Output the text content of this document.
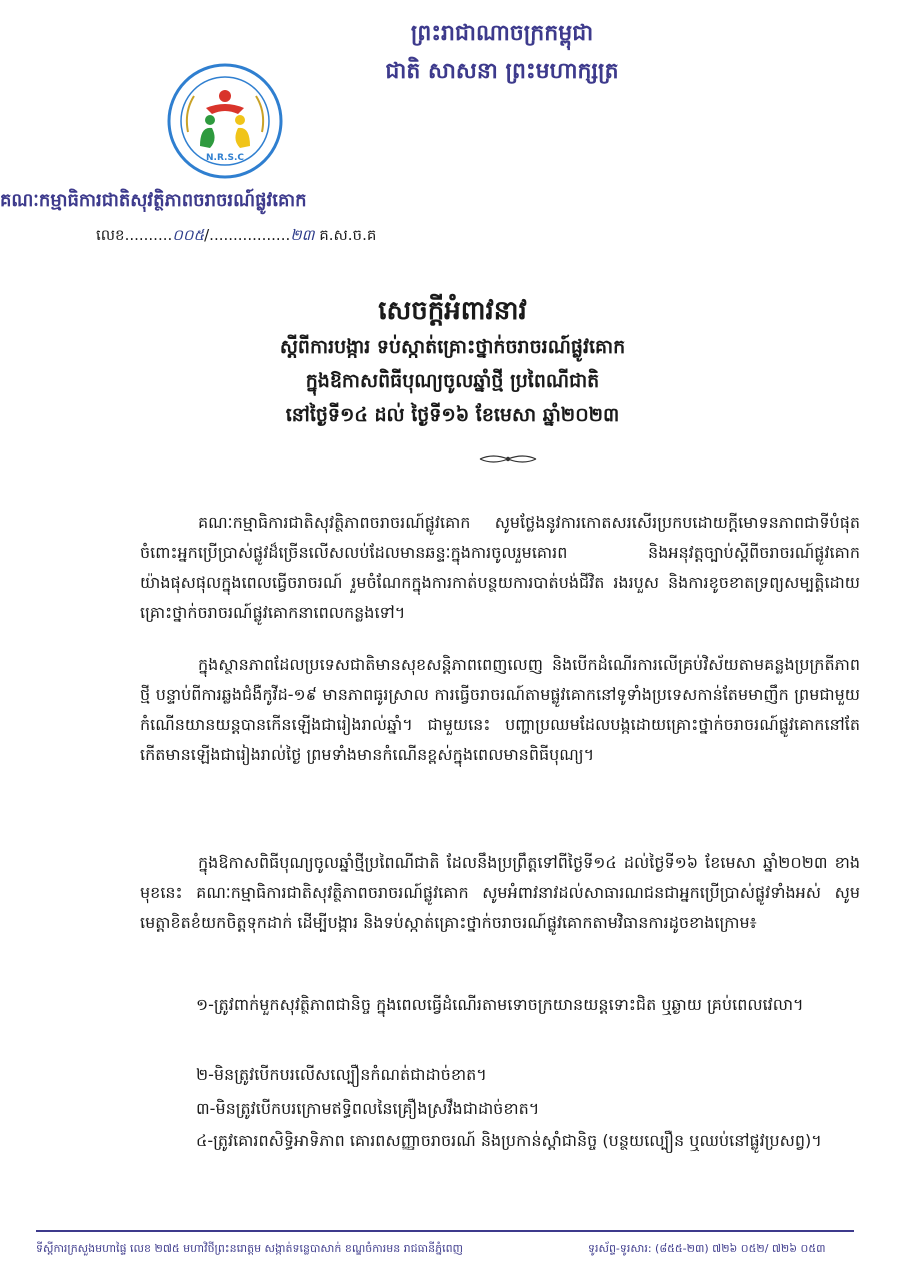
ព្រះរាជាណាចក្រកម្ពុជា
ជាតិ សាសនា ព្រះមហាក្សត្រ
N.R.S.C
គណៈកម្មាធិការជាតិសុវត្ថិភាពចរាចរណ៍ផ្លូវគោក
លេខ..........០០៥/.................២៣ គ.ស.ច.គ
សេចក្ដីអំពាវនាវ
ស្ដីពីការបង្ការ ទប់ស្កាត់គ្រោះថ្នាក់ចរាចរណ៍ផ្លូវគោក
ក្នុងឱកាសពិធីបុណ្យចូលឆ្នាំថ្មី ប្រពៃណីជាតិ
នៅថ្ងៃទី១៤ ដល់ ថ្ងៃទី១៦ ខែមេសា ឆ្នាំ២០២៣

គណៈកម្មាធិការជាតិសុវត្ថិភាពចរាចរណ៍ផ្លូវគោក សូមថ្លែងនូវការកោតសរសើរប្រកបដោយក្ដីមោទនភាពជាទីបំផុត ចំពោះអ្នកប្រើប្រាស់ផ្លូវដ៏ច្រើនលើសលប់ដែលមានឆន្ទៈក្នុងការចូលរួមគោរព និងអនុវត្តច្បាប់ស្ដីពីចរាចរណ៍ផ្លូវគោកយ៉ាងផុសផុលក្នុងពេលធ្វើចរាចរណ៍ រួមចំណែកក្នុងការកាត់បន្ថយការបាត់បង់ជីវិត រងរបួស និងការខូចខាតទ្រព្យសម្បត្តិដោយគ្រោះថ្នាក់ចរាចរណ៍ផ្លូវគោកនាពេលកន្លងទៅ។

ក្នុងស្ថានភាពដែលប្រទេសជាតិមានសុខសន្តិភាពពេញលេញ និងបើកដំណើរការលើគ្រប់វិស័យតាមគន្លងប្រក្រតីភាពថ្មី បន្ទាប់ពីការឆ្លងជំងឺកូវីដ-១៩ មានភាពធូរស្រាល ការធ្វើចរាចរណ៍តាមផ្លូវគោកនៅទូទាំងប្រទេសកាន់តែមមាញឹក ព្រមជាមួយកំណើនយានយន្តបានកើនឡើងជារៀងរាល់ឆ្នាំ។ ជាមួយនេះ បញ្ហាប្រឈមដែលបង្កដោយគ្រោះថ្នាក់ចរាចរណ៍ផ្លូវគោកនៅតែកើតមានឡើងជារៀងរាល់ថ្ងៃ ព្រមទាំងមានកំណើនខ្ពស់ក្នុងពេលមានពិធីបុណ្យ។

ក្នុងឱកាសពិធីបុណ្យចូលឆ្នាំថ្មីប្រពៃណីជាតិ ដែលនឹងប្រព្រឹត្តទៅពីថ្ងៃទី១៤ ដល់ថ្ងៃទី១៦ ខែមេសា ឆ្នាំ២០២៣ ខាងមុខនេះ គណៈកម្មាធិការជាតិសុវត្ថិភាពចរាចរណ៍ផ្លូវគោក សូមអំពាវនាវដល់សាធារណជនជាអ្នកប្រើប្រាស់ផ្លូវទាំងអស់ សូមមេត្តាខិតខំយកចិត្តទុកដាក់ ដើម្បីបង្ការ និងទប់ស្កាត់គ្រោះថ្នាក់ចរាចរណ៍ផ្លូវគោកតាមវិធានការដូចខាងក្រោម៖

១-ត្រូវពាក់មួកសុវត្ថិភាពជានិច្ច ក្នុងពេលធ្វើដំណើរតាមទោចក្រយានយន្តទោះជិត ឬឆ្ងាយ គ្រប់ពេលវេលា។

២-មិនត្រូវបើកបរលើសល្បឿនកំណត់ជាដាច់ខាត។

៣-មិនត្រូវបើកបរក្រោមឥទ្ធិពលនៃគ្រឿងស្រវឹងជាដាច់ខាត។

៤-ត្រូវគោរពសិទ្ធិអាទិភាព គោរពសញ្ញាចរាចរណ៍ និងប្រកាន់ស្ដាំជានិច្ច (បន្ថយល្បឿន ឬឈប់នៅផ្លូវប្រសព្វ)។

ទីស្ដីការក្រសួងមហាផ្ទៃ លេខ ២៧៥ មហាវិថីព្រះនរោត្តម សង្កាត់ទន្លេបាសាក់ ខណ្ឌចំការមន រាជធានីភ្នំពេញ	ទូរស័ព្ទ-ទូរសារ: (៨៥៥-២៣) ៧២៦ ០៥២/ ៧២៦ ០៥៣
